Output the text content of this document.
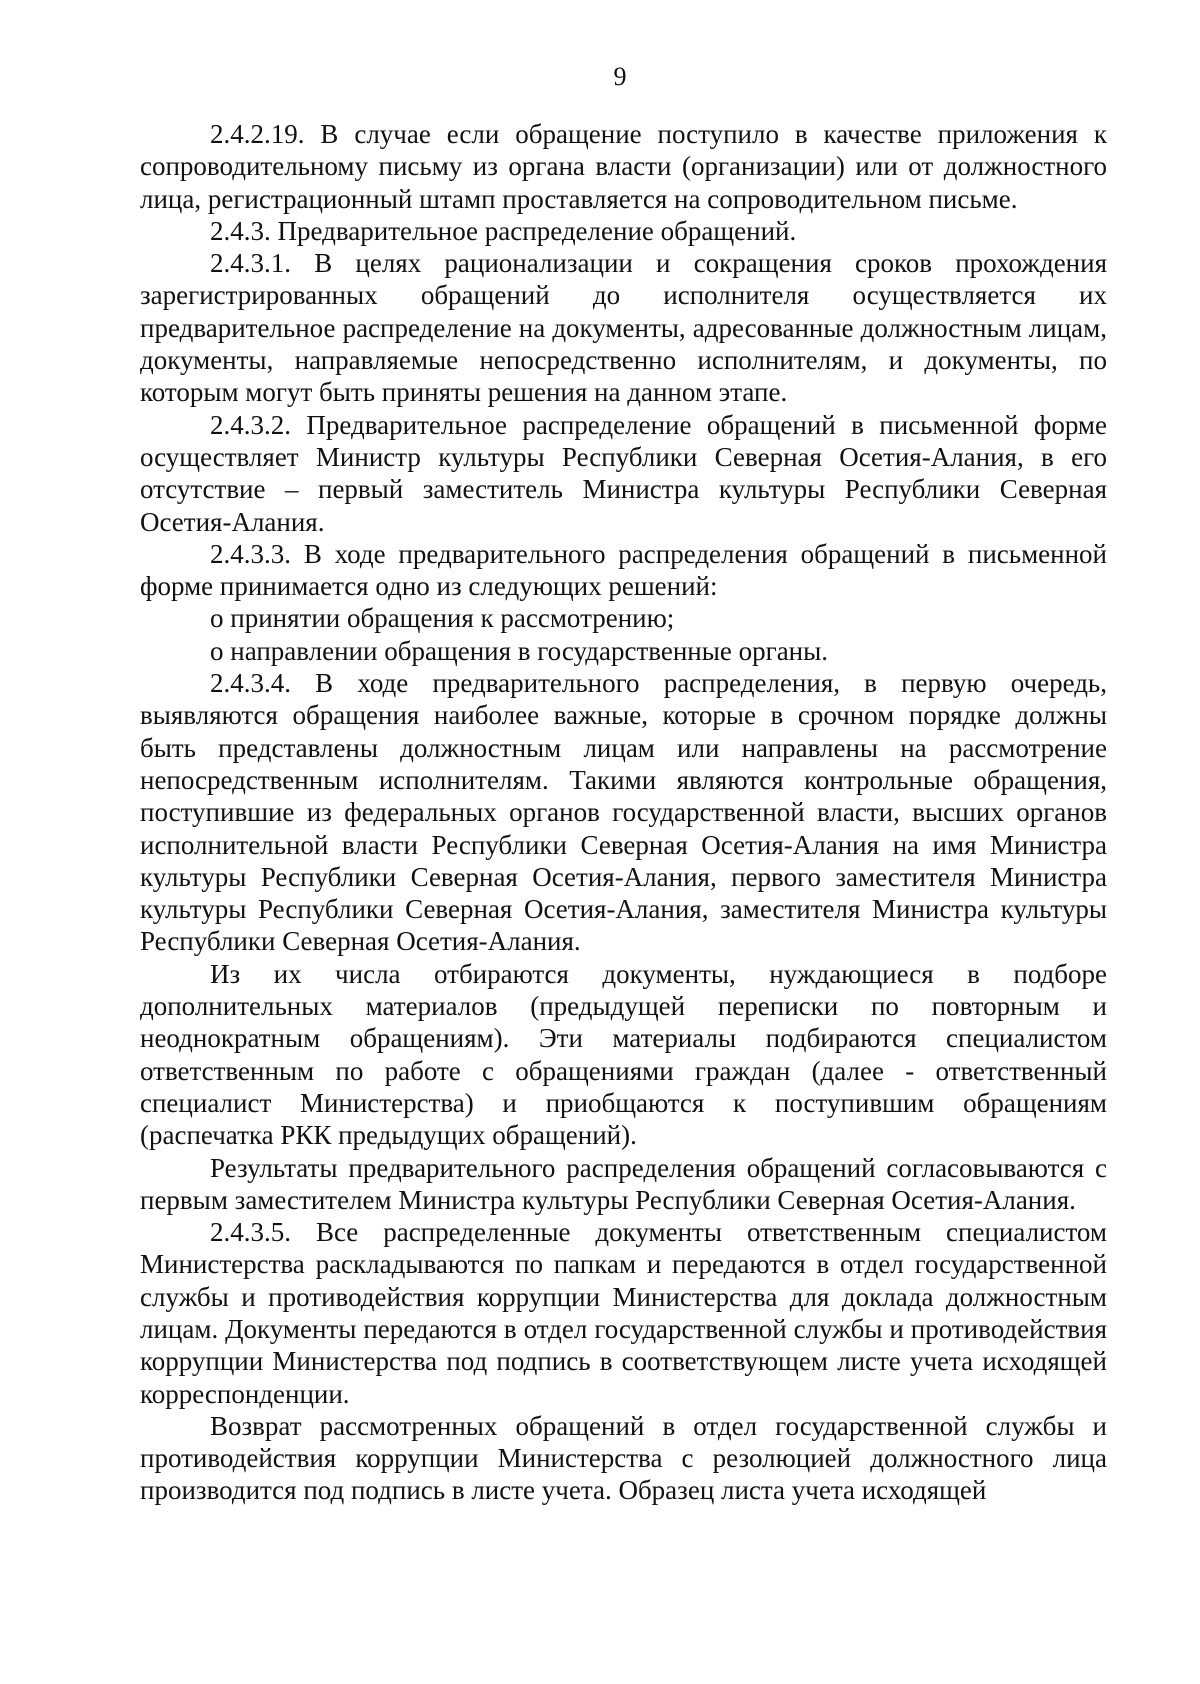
9

2.4.2.19. В случае если обращение поступило в качестве приложения к сопроводительному письму из органа власти (организации) или от должностного лица, регистрационный штамп проставляется на сопроводительном письме.

2.4.3. Предварительное распределение обращений.

2.4.3.1. В целях рационализации и сокращения сроков прохождения зарегистрированных обращений до исполнителя осуществляется их предварительное распределение на документы, адресованные должностным лицам, документы, направляемые непосредственно исполнителям, и документы, по которым могут быть приняты решения на данном этапе.

2.4.3.2. Предварительное распределение обращений в письменной форме осуществляет Министр культуры Республики Северная Осетия-Алания, в его отсутствие – первый заместитель Министра культуры Республики Северная Осетия-Алания.

2.4.3.3. В ходе предварительного распределения обращений в письменной форме принимается одно из следующих решений:

о принятии обращения к рассмотрению;

о направлении обращения в государственные органы.

2.4.3.4. В ходе предварительного распределения, в первую очередь, выявляются обращения наиболее важные, которые в срочном порядке должны быть представлены должностным лицам или направлены на рассмотрение непосредственным исполнителям. Такими являются контрольные обращения, поступившие из федеральных органов государственной власти, высших органов исполнительной власти Республики Северная Осетия-Алания на имя Министра культуры Республики Северная Осетия-Алания, первого заместителя Министра культуры Республики Северная Осетия-Алания, заместителя Министра культуры Республики Северная Осетия-Алания.

Из их числа отбираются документы, нуждающиеся в подборе дополнительных материалов (предыдущей переписки по повторным и неоднократным обращениям). Эти материалы подбираются специалистом ответственным по работе с обращениями граждан (далее - ответственный специалист Министерства) и приобщаются к поступившим обращениям (распечатка РКК предыдущих обращений).

Результаты предварительного распределения обращений согласовываются с первым заместителем Министра культуры Республики Северная Осетия-Алания.

2.4.3.5. Все распределенные документы ответственным специалистом Министерства раскладываются по папкам и передаются в отдел государственной службы и противодействия коррупции Министерства для доклада должностным лицам. Документы передаются в отдел государственной службы и противодействия коррупции Министерства под подпись в соответствующем листе учета исходящей корреспонденции.

Возврат рассмотренных обращений в отдел государственной службы и противодействия коррупции Министерства с резолюцией должностного лица производится под подпись в листе учета. Образец листа учета исходящей
